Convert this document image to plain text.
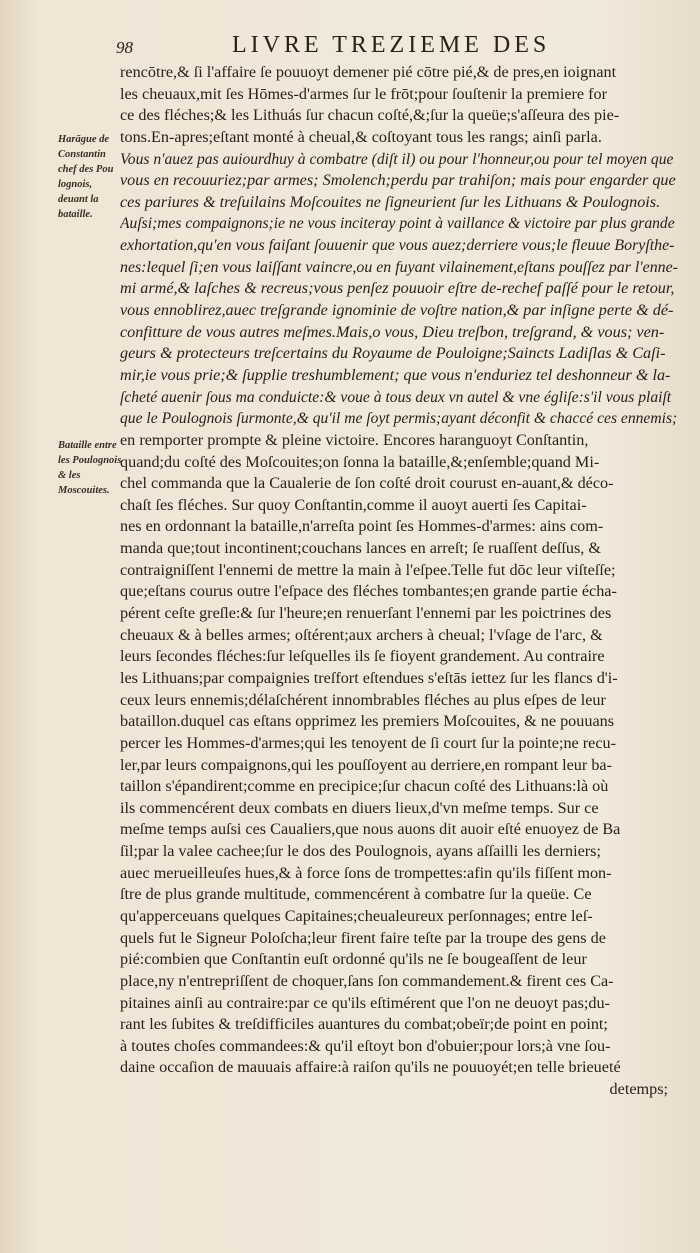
98	LIVRE TREZIEME DES
Harāgue de Constantin chef des Pou lognois, deuant la bataille.
Bataille entre les Poulognois & les Moscouites.
rencōtre,& ſi l'affaire ſe pouuoyt demener pié cōtre pié,& de pres,en ioignant
les cheuaux,mit ſes Hōmes-d'armes ſur le frōt;pour ſouſtenir la premiere for
ce des fléches;& les Lithuás ſur chacun coſté,&;ſur la queüe;s'aſſeura des pie-
tons.En-apres;eſtant monté à cheual,& coſtoyant tous les rangs; ainſi parla.
Vous n'auez pas auiourdhuy à combatre (diſt il) ou pour l'honneur,ou pour tel moyen que
vous en recouuriez;par armes; Smolench;perdu par trahiſon; mais pour engarder que
ces pariures & treſuilains Moſcouites ne ſigneurient ſur les Lithuans & Poulognois.
Auſsi;mes compaignons;ie ne vous inciteray point à vaillance & victoire par plus grande
exhortation,qu'en vous faiſant ſouuenir que vous auez;derriere vous;le fleuue Boryſthe-
nes:lequel ſi;en vous laiſſant vaincre,ou en fuyant vilainement,eſtans pouſſez par l'enne-
mi armé,& laſches & recreus;vous penſez pouuoir eſtre de-rechef paſſé pour le retour,
vous ennoblirez,auec treſgrande ignominie de voſtre nation,& par inſigne perte & dé-
confitture de vous autres meſmes.Mais,o vous, Dieu treſbon, treſgrand, & vous; ven-
geurs & protecteurs treſcertains du Royaume de Pouloigne;Saincts Ladiſlas & Caſi-
mir,ie vous prie;& ſupplie treshumblement; que vous n'enduriez tel deshonneur & la-
ſcheté auenir ſous ma conduicte:& voue à tous deux vn autel & vne égliſe:s'il vous plaiſt
que le Poulognois ſurmonte,& qu'il me ſoyt permis;ayant déconfit & chaccé ces ennemis;
en remporter prompte & pleine victoire. Encores haranguoyt Conſtantin,
quand;du coſté des Moſcouites;on ſonna la bataille,&;enſemble;quand Mi-
chel commanda que la Caualerie de ſon coſté droit courust en-auant,& déco-
chaſt ſes fléches. Sur quoy Conſtantin,comme il auoyt auerti ſes Capitai-
nes en ordonnant la bataille,n'arreſta point ſes Hommes-d'armes: ains com-
manda que;tout incontinent;couchans lances en arreſt; ſe ruaſſent deſſus, &
contraigniſſent l'ennemi de mettre la main à l'eſpee.Telle fut dōc leur viſteſſe;
que;eſtans courus outre l'eſpace des fléches tombantes;en grande partie écha-
pérent ceſte greſle:& ſur l'heure;en renuerſant l'ennemi par les poictrines des
cheuaux & à belles armes; oſtérent;aux archers à cheual; l'vſage de l'arc, &
leurs ſecondes fléches:ſur leſquelles ils ſe fioyent grandement. Au contraire
les Lithuans;par compaignies treſfort eſtendues s'eſtās iettez ſur les flancs d'i-
ceux leurs ennemis;délaſchérent innombrables fléches au plus eſpes de leur
bataillon.duquel cas eſtans opprimez les premiers Moſcouites, & ne pouuans
percer les Hommes-d'armes;qui les tenoyent de ſi court ſur la pointe;ne recu-
ler,par leurs compaignons,qui les pouſſoyent au derriere,en rompant leur ba-
taillon s'épandirent;comme en precipice;ſur chacun coſté des Lithuans:là où
ils commencérent deux combats en diuers lieux,d'vn meſme temps. Sur ce
meſme temps auſsi ces Caualiers,que nous auons dit auoir eſté enuoyez de Ba
ſil;par la valee cachee;ſur le dos des Poulognois, ayans aſſailli les derniers;
auec merueilleuſes hues,& à force ſons de trompettes:afin qu'ils fiſſent mon-
ſtre de plus grande multitude, commencérent à combatre ſur la queüe. Ce
qu'apperceuans quelques Capitaines;cheualeureux perſonnages; entre leſ-
quels fut le Signeur Poloſcha;leur firent faire teſte par la troupe des gens de
pié:combien que Conſtantin euſt ordonné qu'ils ne ſe bougeaſſent de leur
place,ny n'entrepriſſent de choquer,ſans ſon commandement.& firent ces Ca-
pitaines ainſi au contraire:par ce qu'ils eſtimérent que l'on ne deuoyt pas;du-
rant les ſubites & treſdifficiles auantures du combat;obeïr;de point en point;
à toutes choſes commandees:& qu'il eſtoyt bon d'obuier;pour lors;à vne ſou-
daine occaſion de mauuais affaire:à raiſon qu'ils ne pouuoyét;en telle brieueté
detemps;
